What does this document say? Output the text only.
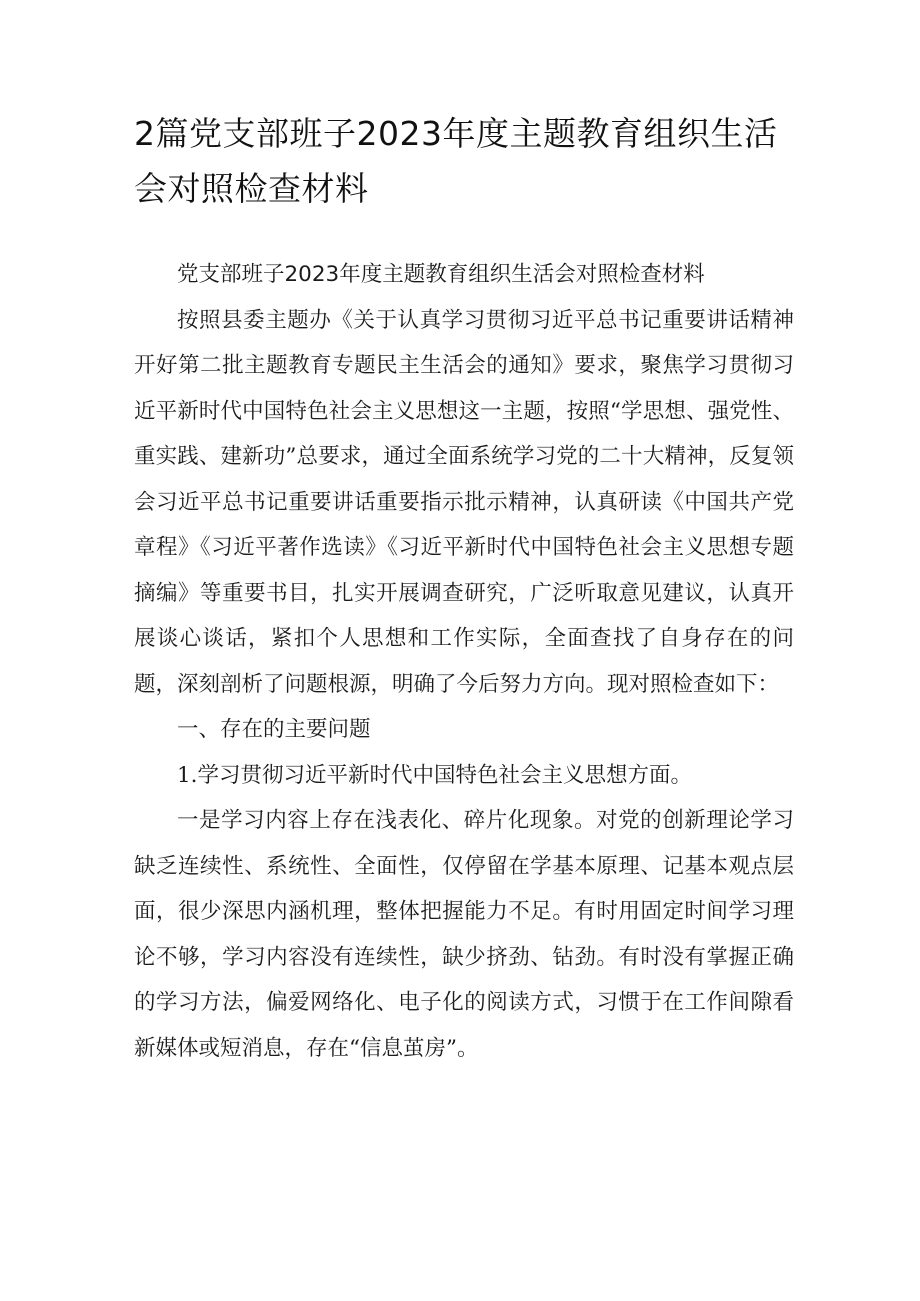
2篇党支部班子2023年度主题教育组织生活会对照检查材料

党支部班子2023年度主题教育组织生活会对照检查材料

按照县委主题办《关于认真学习贯彻习近平总书记重要讲话精神开好第二批主题教育专题民主生活会的通知》要求，聚焦学习贯彻习近平新时代中国特色社会主义思想这一主题，按照“学思想、强党性、重实践、建新功”总要求，通过全面系统学习党的二十大精神，反复领会习近平总书记重要讲话重要指示批示精神，认真研读《中国共产党章程》《习近平著作选读》《习近平新时代中国特色社会主义思想专题摘编》等重要书目，扎实开展调查研究，广泛听取意见建议，认真开展谈心谈话，紧扣个人思想和工作实际，全面查找了自身存在的问题，深刻剖析了问题根源，明确了今后努力方向。现对照检查如下：

一、存在的主要问题

1.学习贯彻习近平新时代中国特色社会主义思想方面。

一是学习内容上存在浅表化、碎片化现象。对党的创新理论学习缺乏连续性、系统性、全面性，仅停留在学基本原理、记基本观点层面，很少深思内涵机理，整体把握能力不足。有时用固定时间学习理论不够，学习内容没有连续性，缺少挤劲、钻劲。有时没有掌握正确的学习方法，偏爱网络化、电子化的阅读方式，习惯于在工作间隙看新媒体或短消息，存在“信息茧房”。
